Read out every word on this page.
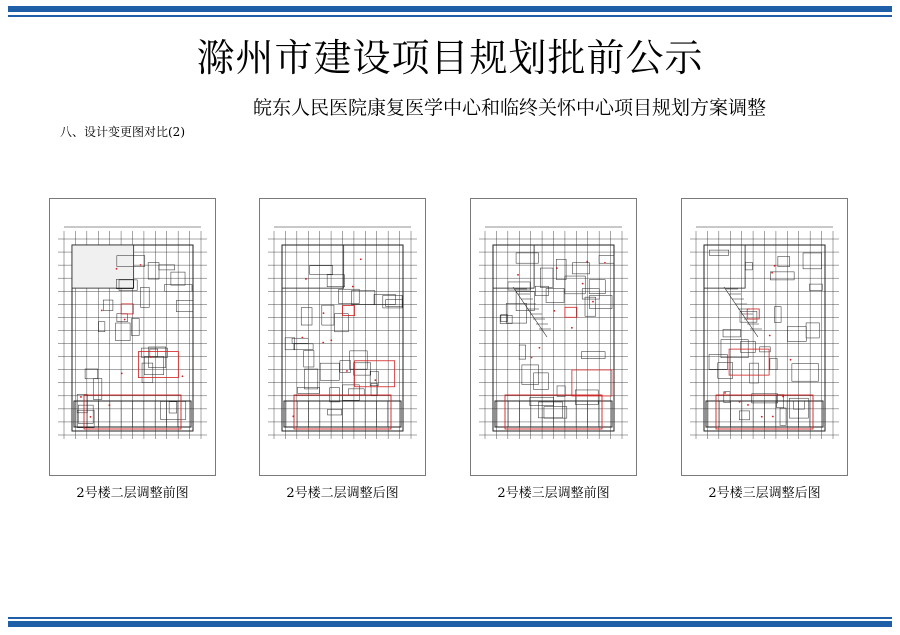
滁州市建设项目规划批前公示
皖东人民医院康复医学中心和临终关怀中心项目规划方案调整
八、设计变更图对比(2)
2号楼二层调整前图	2号楼二层调整后图	2号楼三层调整前图	2号楼三层调整后图
